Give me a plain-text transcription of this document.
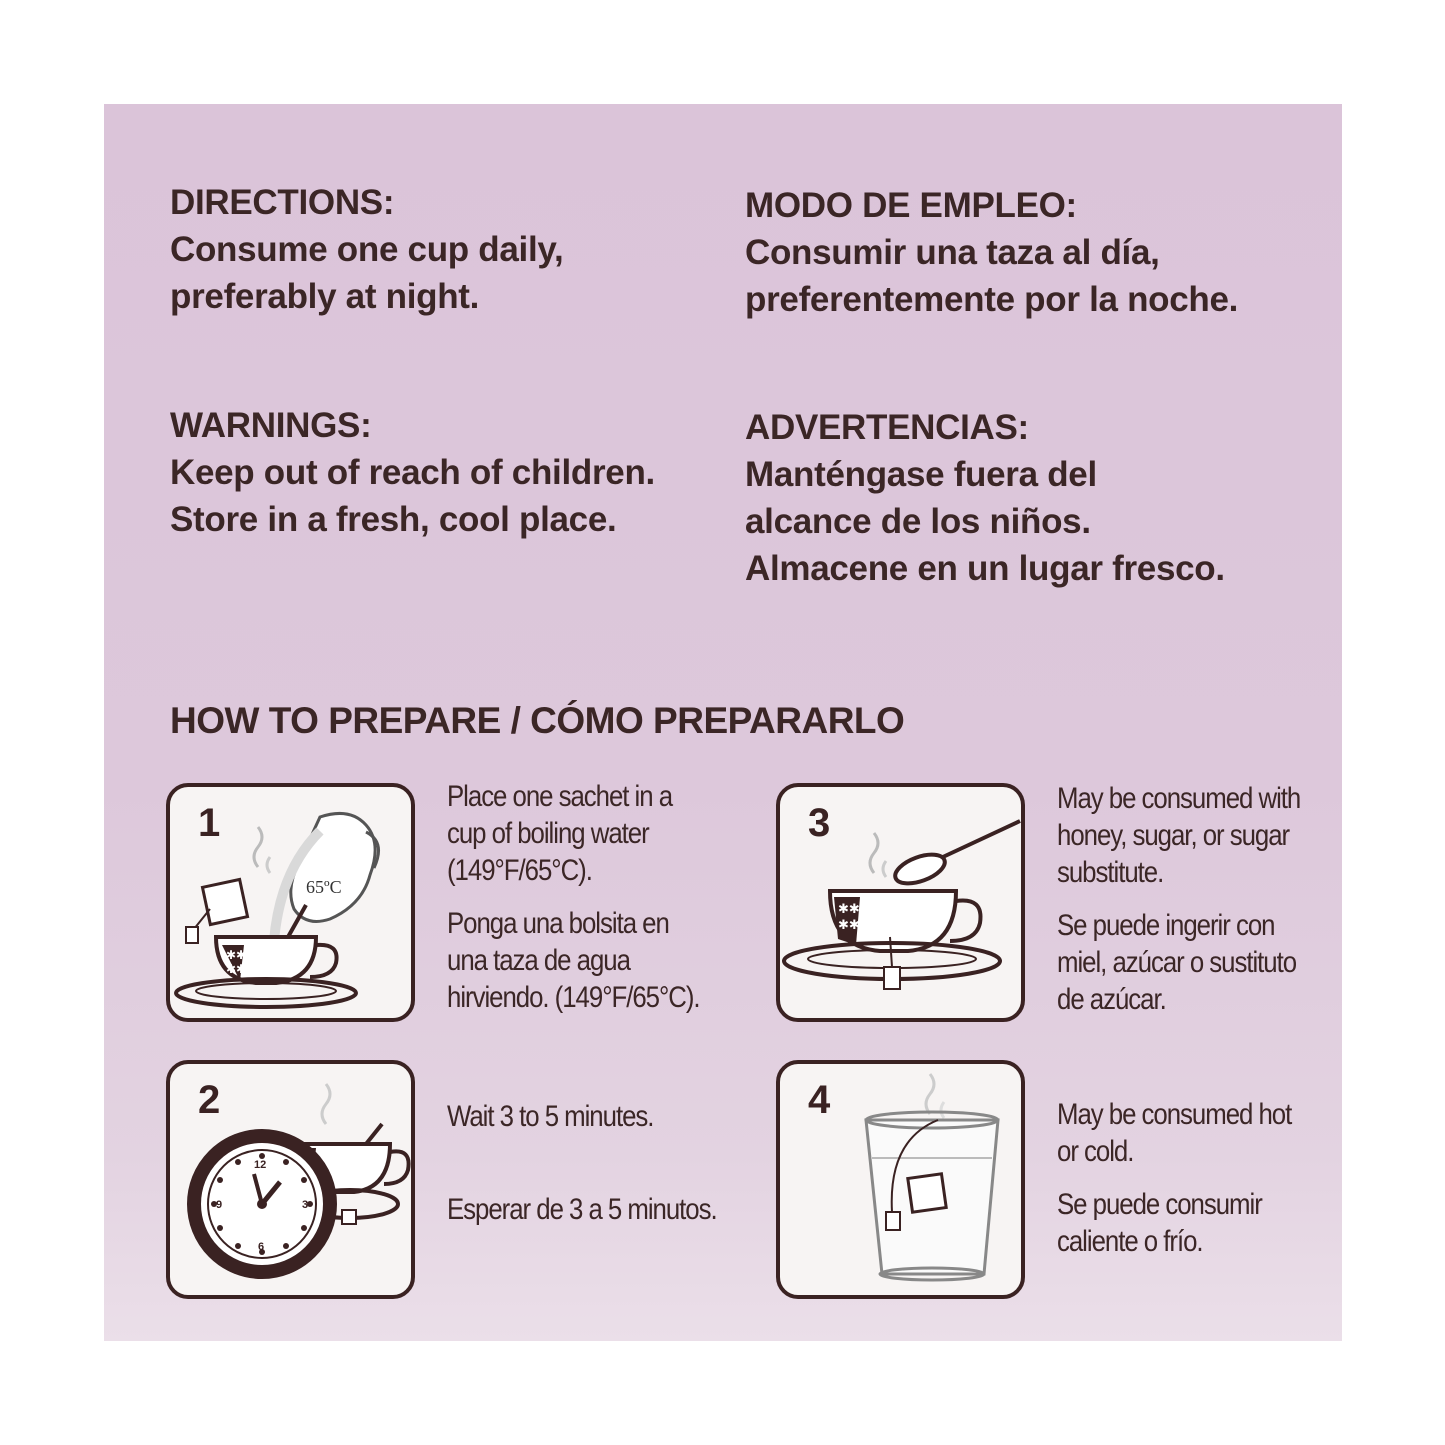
DIRECTIONS:
Consume one cup daily,
preferably at night.
MODO DE EMPLEO:
Consumir una taza al día,
preferentemente por la noche.
WARNINGS:
Keep out of reach of children.
Store in a fresh, cool place.
ADVERTENCIAS:
Manténgase fuera del
alcance de los niños.
Almacene en un lugar fresco.
HOW TO PREPARE / CÓMO PREPARARLO
65ºC
✱✱
✱✱
1
Place one sachet in a
cup of boiling water
(149°F/65°C).
Ponga una bolsita en
una taza de agua
hirviendo. (149°F/65°C).
✱✱
✱✱
3
May be consumed with
honey, sugar, or sugar
substitute.
Se puede ingerir con
miel, azúcar o sustituto
de azúcar.
12
3
6
9
2	Wait 3 to 5 minutes.
Esperar de 3 a 5 minutos.
4	May be consumed hot
or cold.
Se puede consumir
caliente o frío.
